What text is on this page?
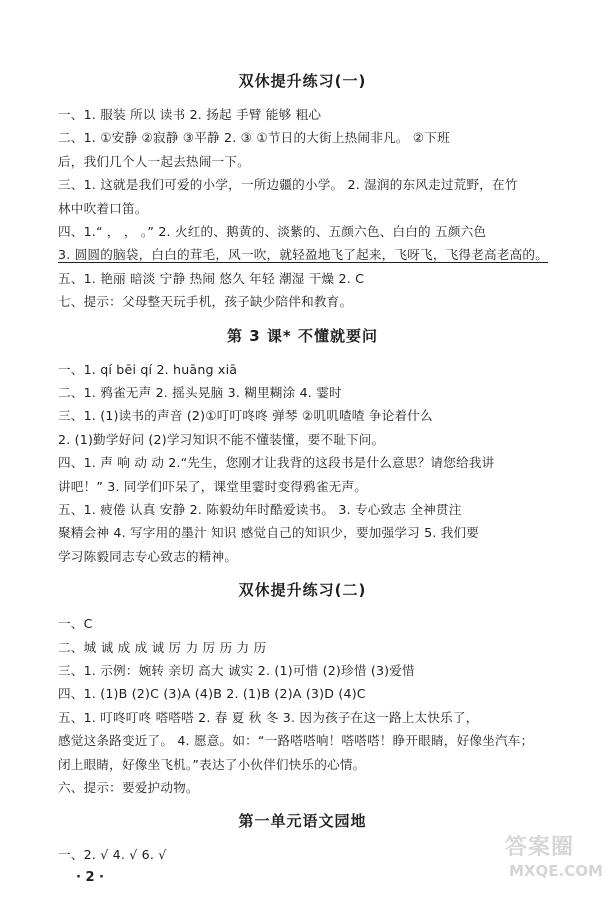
双休提升练习(一)
一、1. 服装 所以 读书 2. 扬起 手臂 能够 粗心
二、1. ①安静 ②寂静 ③平静 2. ③ ①节日的大街上热闹非凡。 ②下班
后，我们几个人一起去热闹一下。
三、1. 这就是我们可爱的小学，一所边疆的小学。 2. 湿润的东风走过荒野，在竹
林中吹着口笛。
四、1.“ ， ， 。” 2. 火红的、鹅黄的、淡紫的、五颜六色、白白的 五颜六色
3. 圆圆的脑袋，白白的茸毛，风一吹，就轻盈地飞了起来，飞呀飞，飞得老高老高的。
五、1. 艳丽 暗淡 宁静 热闹 悠久 年轻 潮湿 干燥 2. C
七、提示：父母整天玩手机，孩子缺少陪伴和教育。
第 3 课* 不懂就要问
一、1. qí bēi qí 2. huāng xiā
二、1. 鸦雀无声 2. 摇头晃脑 3. 糊里糊涂 4. 霎时
三、1. (1)读书的声音 (2)①叮叮咚咚 弹琴 ②叽叽喳喳 争论着什么
2. (1)勤学好问 (2)学习知识不能不懂装懂，要不耻下问。
四、1. 声 响 动 动 2.“先生，您刚才让我背的这段书是什么意思？请您给我讲
讲吧！” 3. 同学们吓呆了，课堂里霎时变得鸦雀无声。
五、1. 疲倦 认真 安静 2. 陈毅幼年时酷爱读书。 3. 专心致志 全神贯注
聚精会神 4. 写字用的墨汁 知识 感觉自己的知识少，要加强学习 5. 我们要
学习陈毅同志专心致志的精神。
双休提升练习(二)
一、C
二、城 诚 成 成 诚 厉 力 厉 历 力 历
三、1. 示例：婉转 亲切 高大 诚实 2. (1)可惜 (2)珍惜 (3)爱惜
四、1. (1)B (2)C (3)A (4)B 2. (1)B (2)A (3)D (4)C
五、1. 叮咚叮咚 嗒嗒嗒 2. 春 夏 秋 冬 3. 因为孩子在这一路上太快乐了，
感觉这条路变近了。 4. 愿意。如：“一路嗒嗒响！嗒嗒嗒！睁开眼睛，好像坐汽车；
闭上眼睛，好像坐飞机。”表达了小伙伴们快乐的心情。
六、提示：要爱护动物。
第一单元语文园地
一、2. √ 4. √ 6. √
· 2 ·
答案圈
MXQE.COM
